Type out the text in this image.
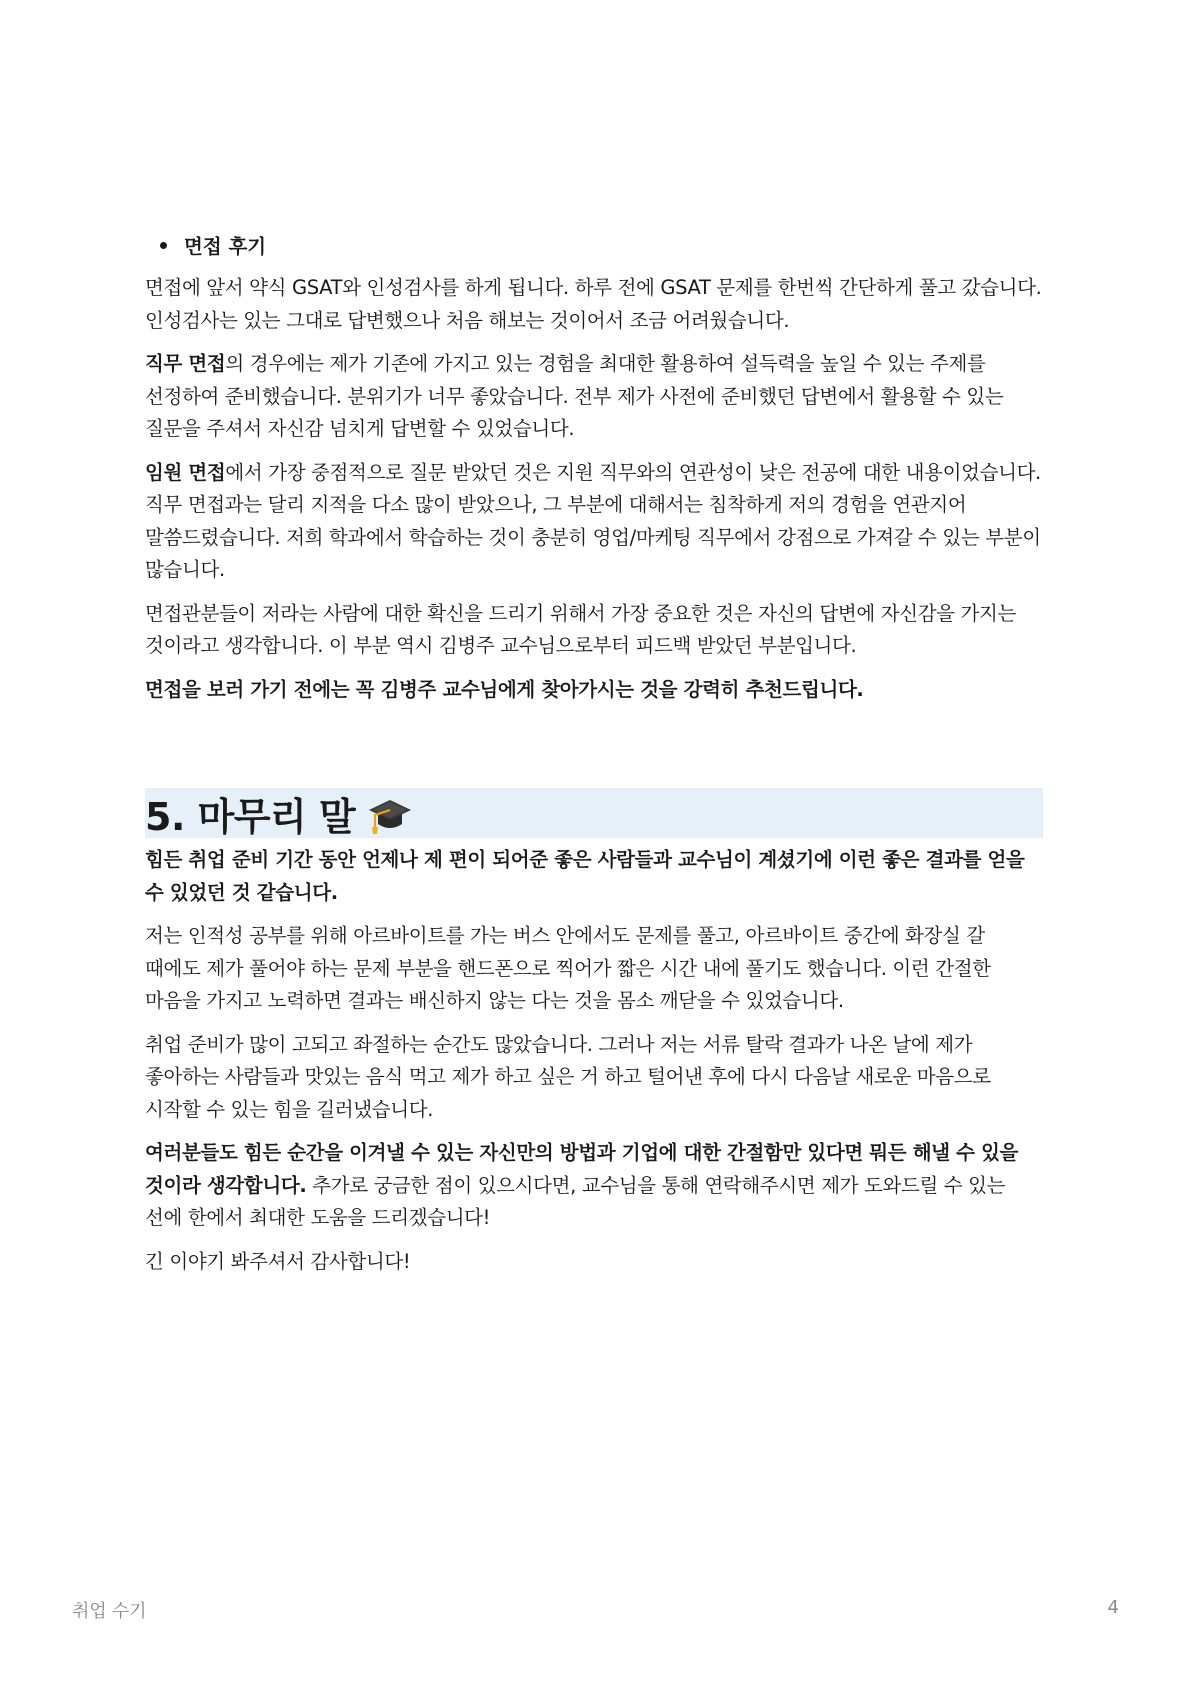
면접 후기

면접에 앞서 약식 GSAT와 인성검사를 하게 됩니다. 하루 전에 GSAT 문제를 한번씩 간단하게 풀고 갔습니다. 인성검사는 있는 그대로 답변했으나 처음 해보는 것이어서 조금 어려웠습니다.

직무 면접의 경우에는 제가 기존에 가지고 있는 경험을 최대한 활용하여 설득력을 높일 수 있는 주제를 선정하여 준비했습니다. 분위기가 너무 좋았습니다. 전부 제가 사전에 준비했던 답변에서 활용할 수 있는 질문을 주셔서 자신감 넘치게 답변할 수 있었습니다.

임원 면접에서 가장 중점적으로 질문 받았던 것은 지원 직무와의 연관성이 낮은 전공에 대한 내용이었습니다. 직무 면접과는 달리 지적을 다소 많이 받았으나, 그 부분에 대해서는 침착하게 저의 경험을 연관지어 말씀드렸습니다. 저희 학과에서 학습하는 것이 충분히 영업/마케팅 직무에서 강점으로 가져갈 수 있는 부분이 많습니다.

면접관분들이 저라는 사람에 대한 확신을 드리기 위해서 가장 중요한 것은 자신의 답변에 자신감을 가지는 것이라고 생각합니다. 이 부분 역시 김병주 교수님으로부터 피드백 받았던 부분입니다.

면접을 보러 가기 전에는 꼭 김병주 교수님에게 찾아가시는 것을 강력히 추천드립니다.

5. 마무리 말

힘든 취업 준비 기간 동안 언제나 제 편이 되어준 좋은 사람들과 교수님이 계셨기에 이런 좋은 결과를 얻을 수 있었던 것 같습니다.

저는 인적성 공부를 위해 아르바이트를 가는 버스 안에서도 문제를 풀고, 아르바이트 중간에 화장실 갈 때에도 제가 풀어야 하는 문제 부분을 핸드폰으로 찍어가 짧은 시간 내에 풀기도 했습니다. 이런 간절한 마음을 가지고 노력하면 결과는 배신하지 않는 다는 것을 몸소 깨닫을 수 있었습니다.

취업 준비가 많이 고되고 좌절하는 순간도 많았습니다. 그러나 저는 서류 탈락 결과가 나온 날에 제가 좋아하는 사람들과 맛있는 음식 먹고 제가 하고 싶은 거 하고 털어낸 후에 다시 다음날 새로운 마음으로 시작할 수 있는 힘을 길러냈습니다.

여러분들도 힘든 순간을 이겨낼 수 있는 자신만의 방법과 기업에 대한 간절함만 있다면 뭐든 해낼 수 있을 것이라 생각합니다. 추가로 궁금한 점이 있으시다면, 교수님을 통해 연락해주시면 제가 도와드릴 수 있는 선에 한에서 최대한 도움을 드리겠습니다!

긴 이야기 봐주셔서 감사합니다!

취업 수기	4
